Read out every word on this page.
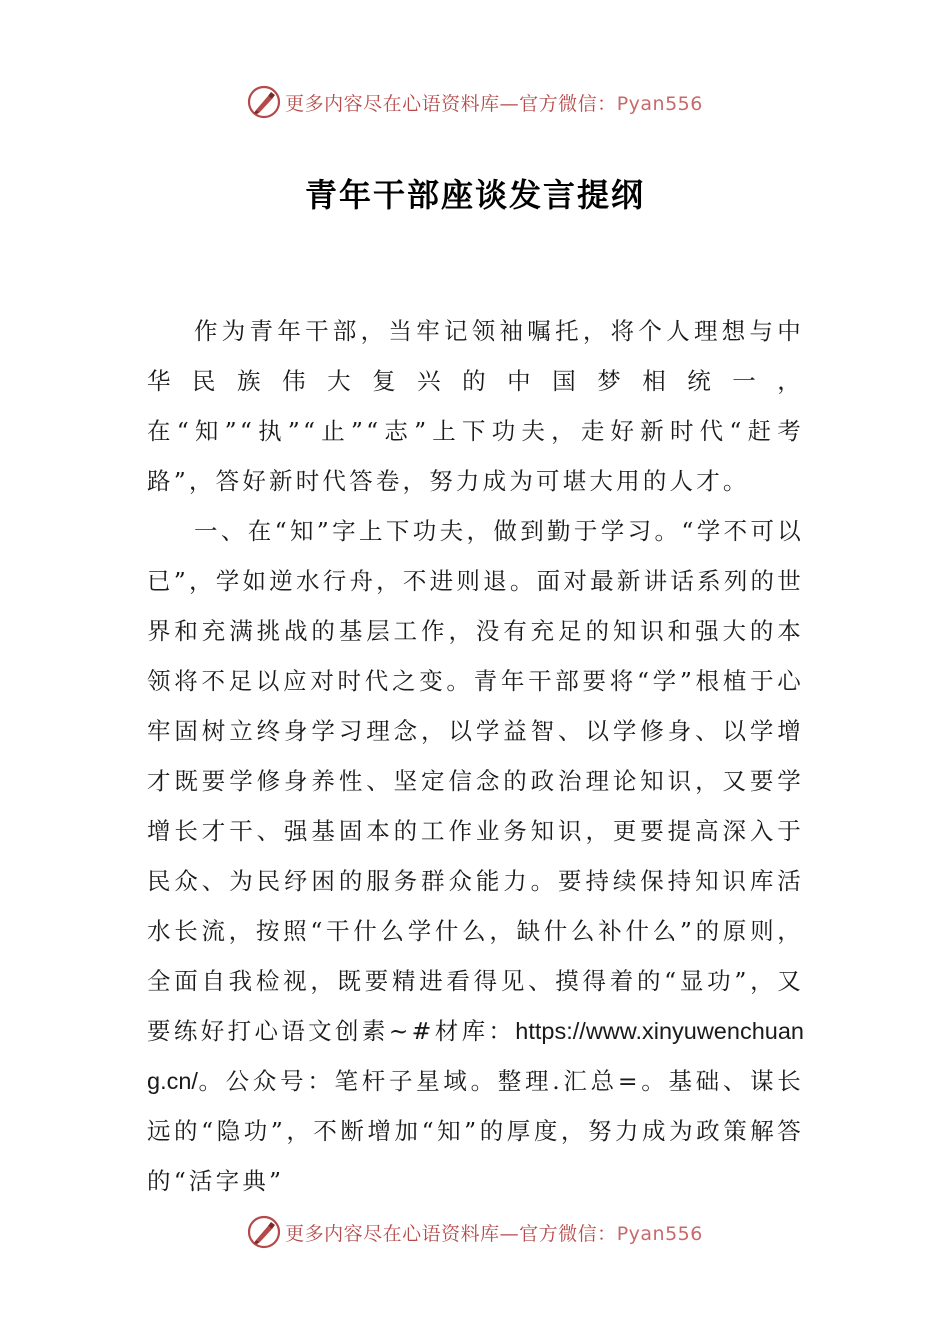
更多内容尽在心语资料库—官方微信：Pyan556
青年干部座谈发言提纲

作为青年干部，当牢记领袖嘱托，将个人理想与中华民族伟大复兴的中国梦相统一，在“知”“执”“止”“志”上下功夫，走好新时代“赶考路”，答好新时代答卷，努力成为可堪大用的人才。

一、在“知”字上下功夫，做到勤于学习。“学不可以已”，学如逆水行舟，不进则退。面对最新讲话系列的世界和充满挑战的基层工作，没有充足的知识和强大的本领将不足以应对时代之变。青年干部要将“学”根植于心牢固树立终身学习理念，以学益智、以学修身、以学增才既要学修身养性、坚定信念的政治理论知识，又要学增长才干、强基固本的工作业务知识，更要提高深入于民众、为民纾困的服务群众能力。要持续保持知识库活水长流，按照“干什么学什么，缺什么补什么”的原则，全面自我检视，既要精进看得见、摸得着的“显功”，又要练好打心语文创素~#材库：https://www.xinyuwenchuang.cn/。公众号：笔杆子星域。整理.汇总=。基础、谋长远的“隐功”，不断增加“知”的厚度，努力成为政策解答的“活字典”

更多内容尽在心语资料库—官方微信：Pyan556
